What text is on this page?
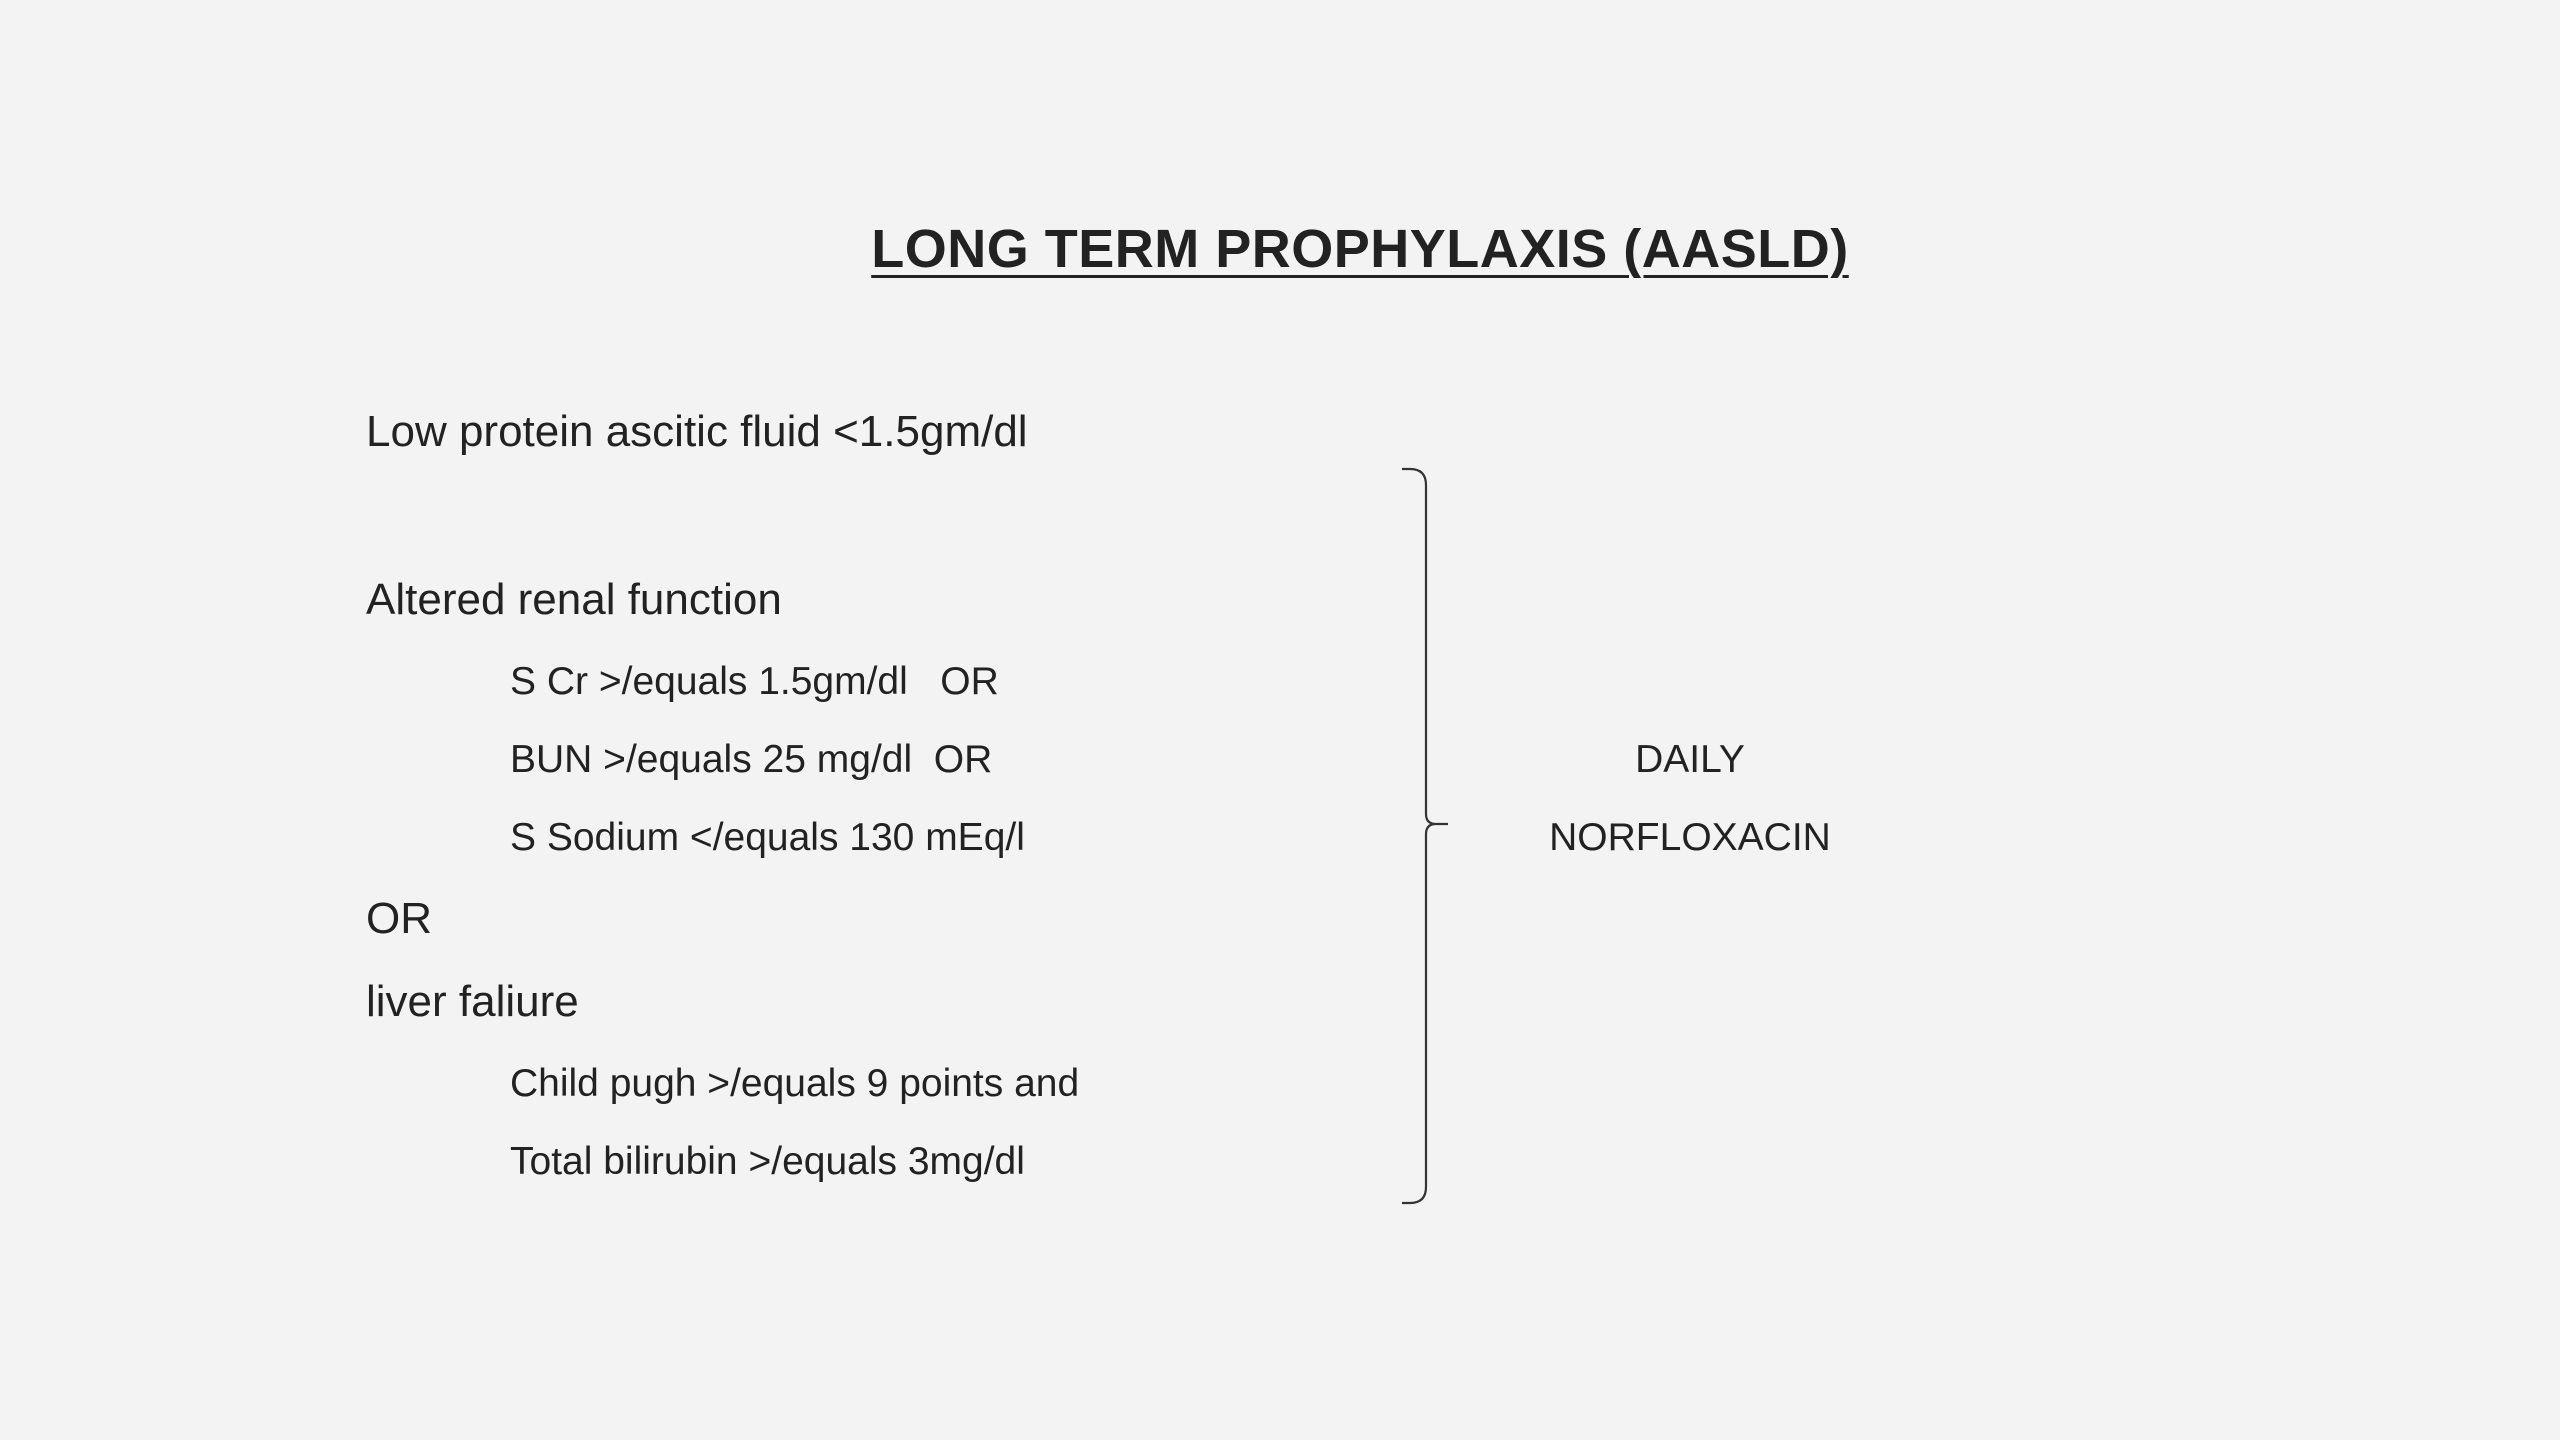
LONG TERM PROPHYLAXIS (AASLD)
Low protein ascitic fluid <1.5gm/dl
Altered renal function
S Cr >/equals 1.5gm/dl   OR
BUN >/equals 25 mg/dl  OR
S Sodium </equals 130 mEq/l
OR
liver faliure
Child pugh >/equals 9 points and
Total bilirubin >/equals 3mg/dl
DAILY
NORFLOXACIN
